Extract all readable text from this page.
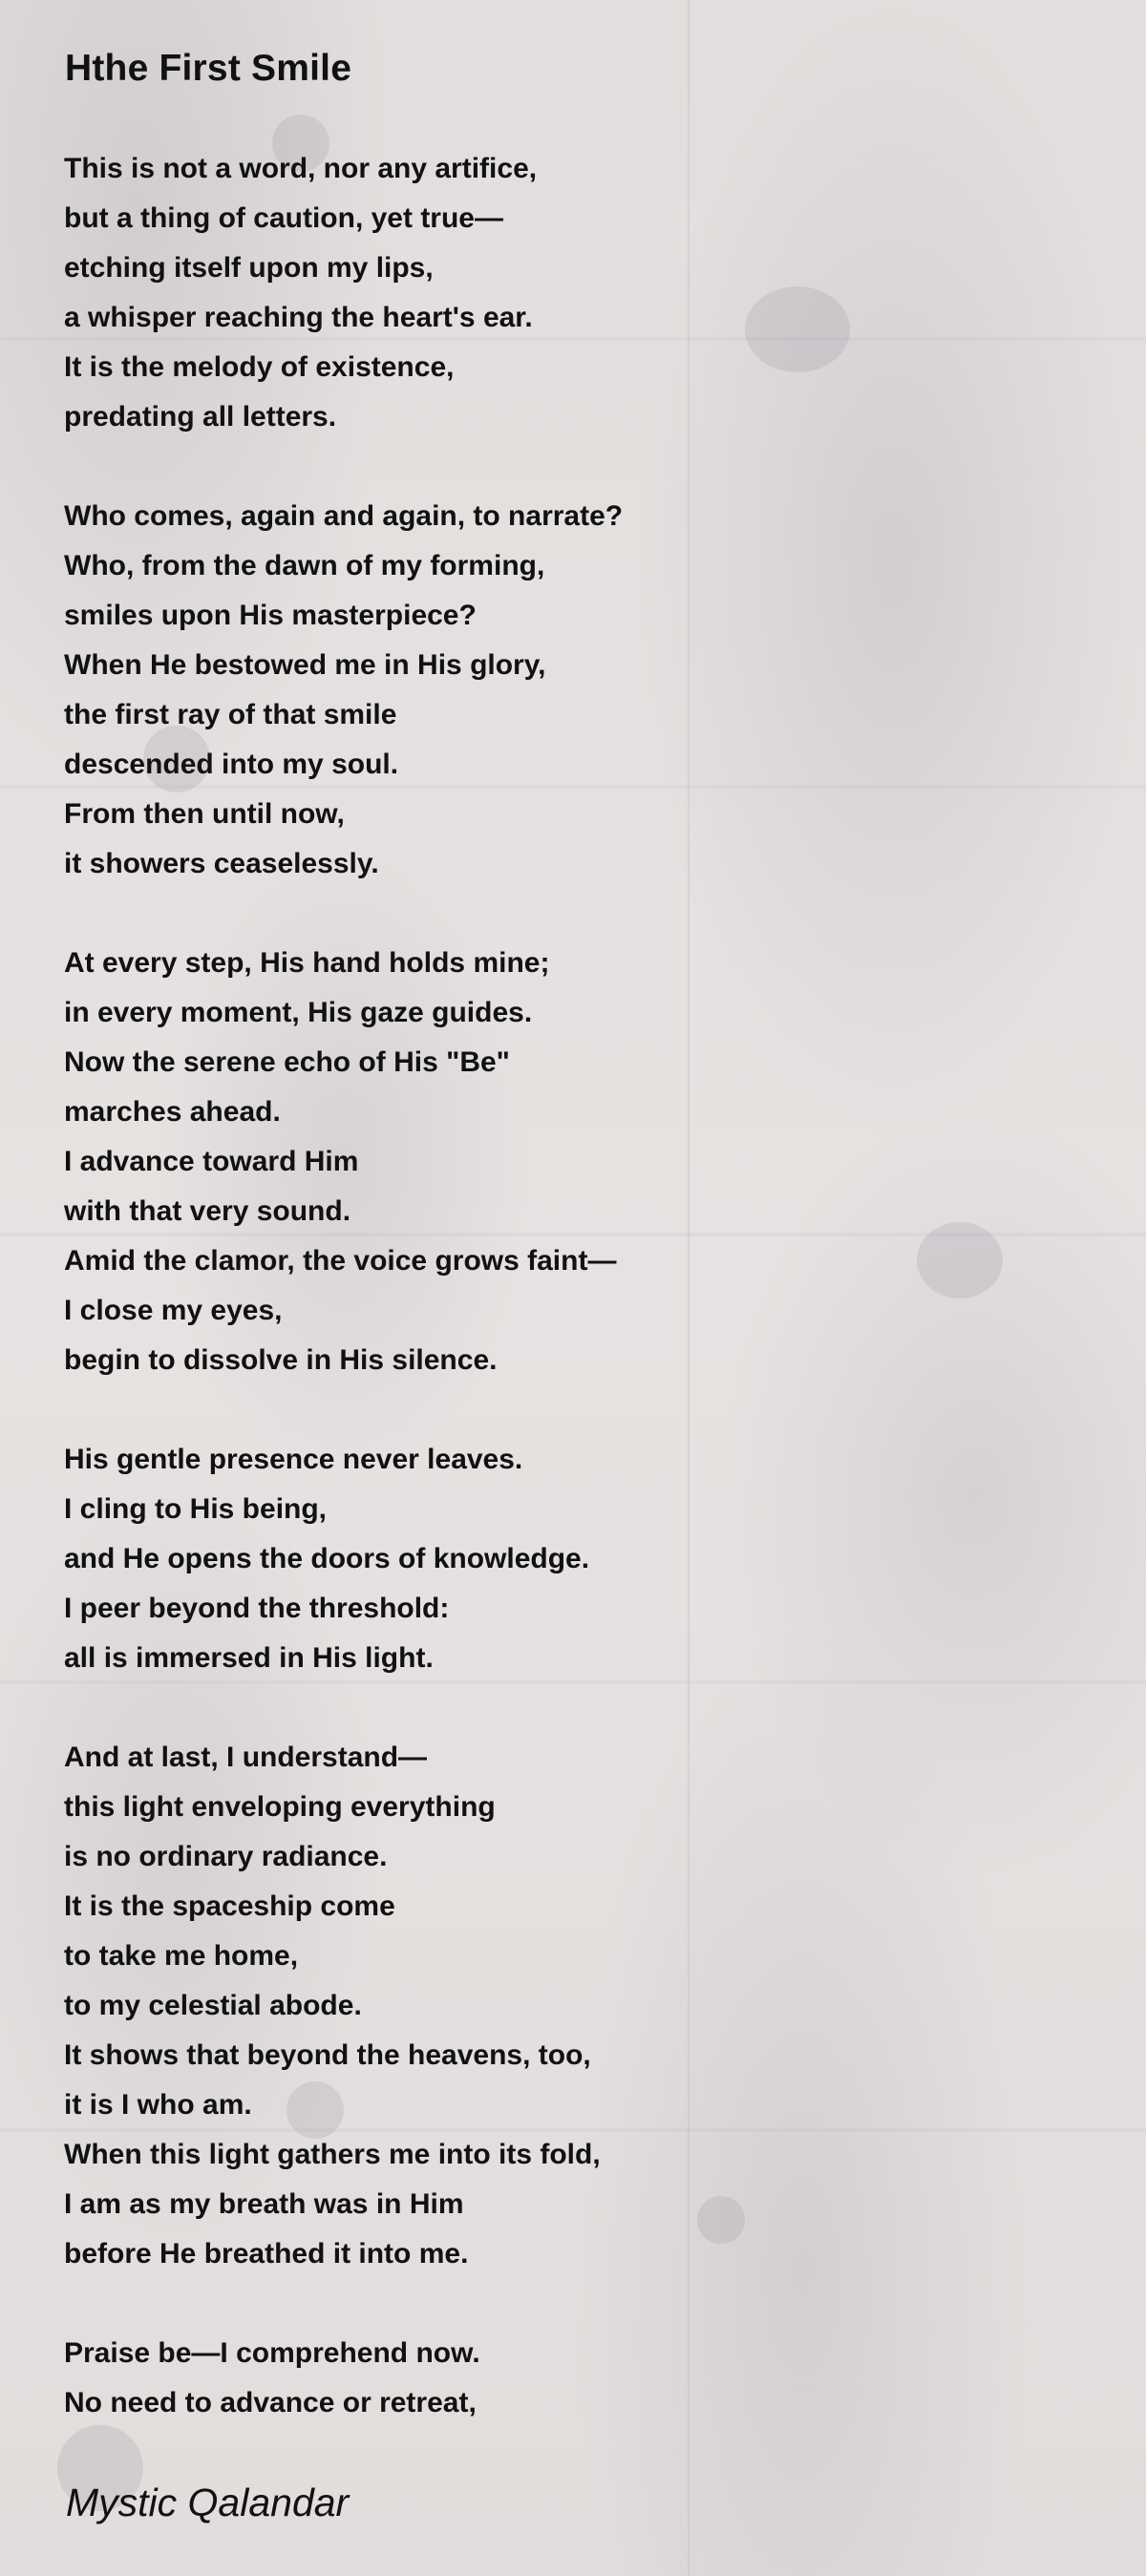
Hthe First Smile
This is not a word, nor any artifice,
but a thing of caution, yet true—
etching itself upon my lips,
a whisper reaching the heart's ear.
It is the melody of existence,
predating all letters.
Who comes, again and again, to narrate?
Who, from the dawn of my forming,
smiles upon His masterpiece?
When He bestowed me in His glory,
the first ray of that smile
descended into my soul.
From then until now,
it showers ceaselessly.
At every step, His hand holds mine;
in every moment, His gaze guides.
Now the serene echo of His "Be"
marches ahead.
I advance toward Him
with that very sound.
Amid the clamor, the voice grows faint—
I close my eyes,
begin to dissolve in His silence.
His gentle presence never leaves.
I cling to His being,
and He opens the doors of knowledge.
I peer beyond the threshold:
all is immersed in His light.
And at last, I understand—
this light enveloping everything
is no ordinary radiance.
It is the spaceship come
to take me home,
to my celestial abode.
It shows that beyond the heavens, too,
it is I who am.
When this light gathers me into its fold,
I am as my breath was in Him
before He breathed it into me.
Praise be—I comprehend now.
No need to advance or retreat,
Mystic Qalandar
